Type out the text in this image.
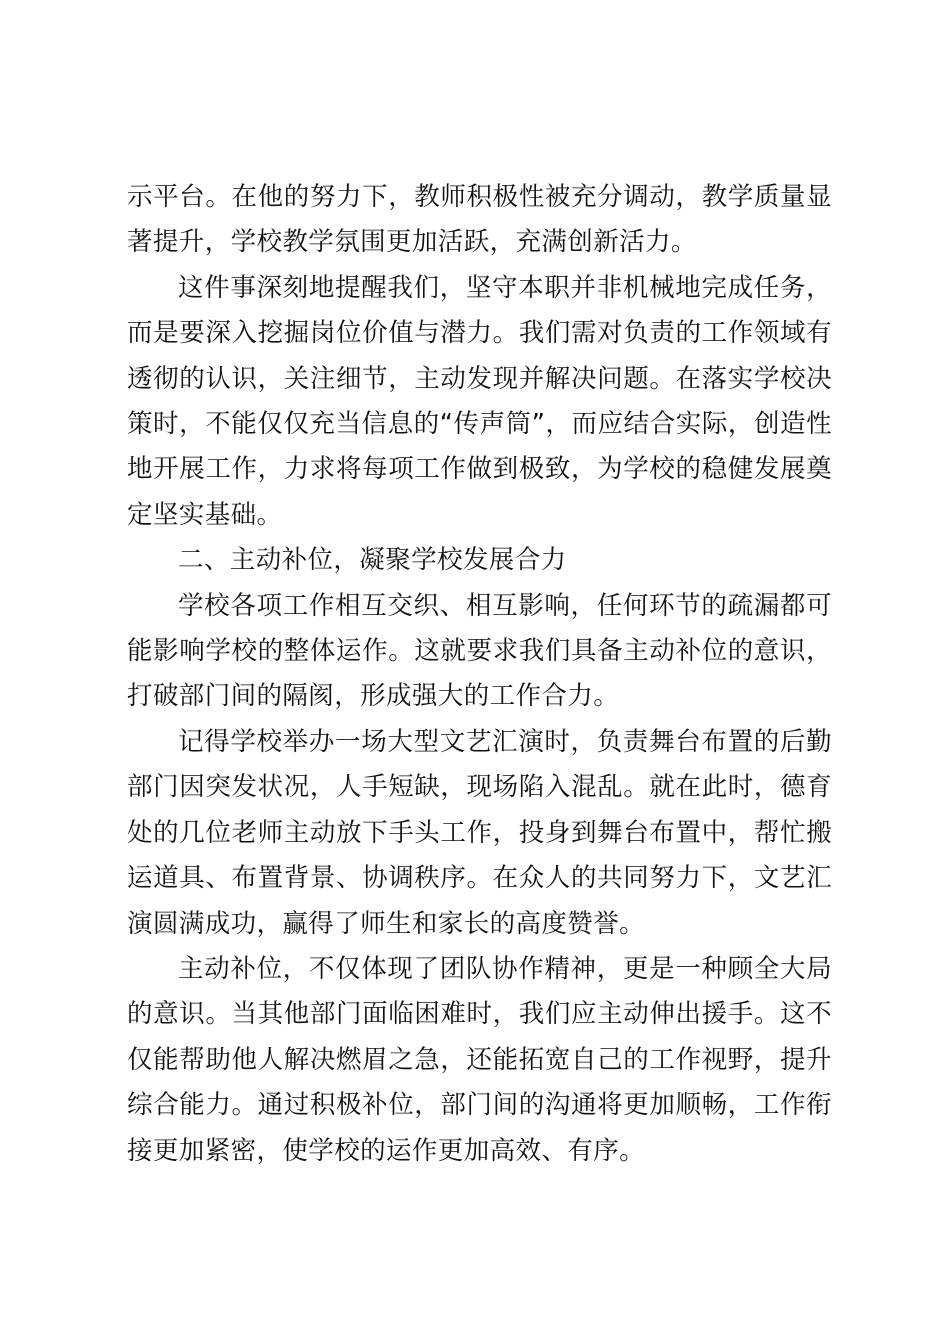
示平台。在他的努力下，教师积极性被充分调动，教学质量显著提升，学校教学氛围更加活跃，充满创新活力。

这件事深刻地提醒我们，坚守本职并非机械地完成任务，而是要深入挖掘岗位价值与潜力。我们需对负责的工作领域有透彻的认识，关注细节，主动发现并解决问题。在落实学校决策时，不能仅仅充当信息的“传声筒”，而应结合实际，创造性地开展工作，力求将每项工作做到极致，为学校的稳健发展奠定坚实基础。

二、主动补位，凝聚学校发展合力

学校各项工作相互交织、相互影响，任何环节的疏漏都可能影响学校的整体运作。这就要求我们具备主动补位的意识，打破部门间的隔阂，形成强大的工作合力。

记得学校举办一场大型文艺汇演时，负责舞台布置的后勤部门因突发状况，人手短缺，现场陷入混乱。就在此时，德育处的几位老师主动放下手头工作，投身到舞台布置中，帮忙搬运道具、布置背景、协调秩序。在众人的共同努力下，文艺汇演圆满成功，赢得了师生和家长的高度赞誉。

主动补位，不仅体现了团队协作精神，更是一种顾全大局的意识。当其他部门面临困难时，我们应主动伸出援手。这不仅能帮助他人解决燃眉之急，还能拓宽自己的工作视野，提升综合能力。通过积极补位，部门间的沟通将更加顺畅，工作衔接更加紧密，使学校的运作更加高效、有序。
